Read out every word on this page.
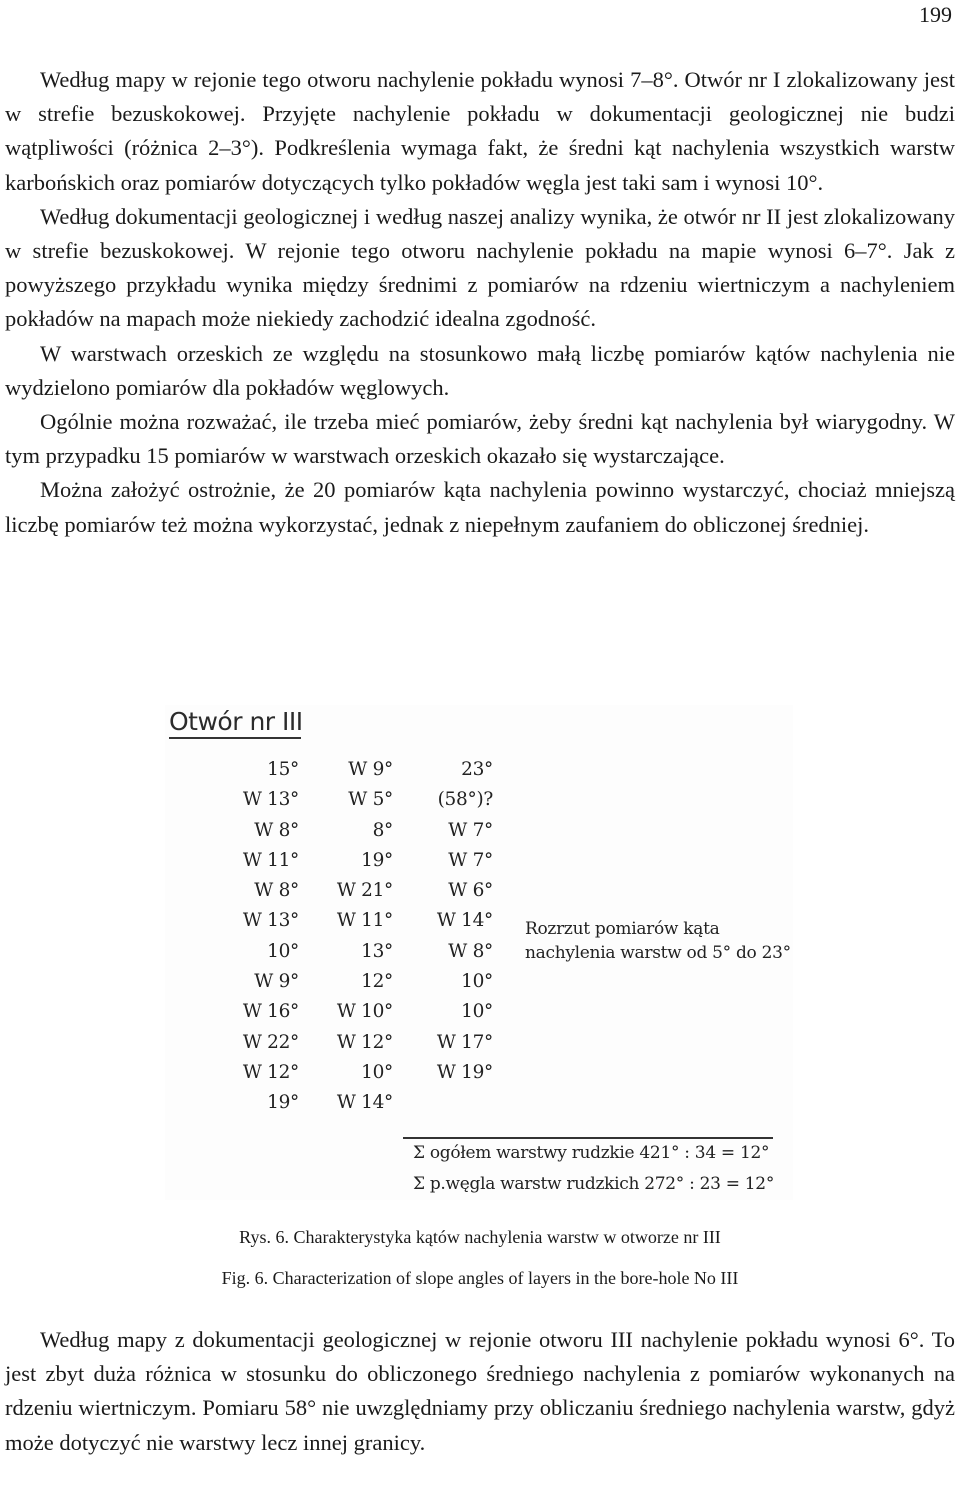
199

Według mapy w rejonie tego otworu nachylenie pokładu wynosi 7–8°. Otwór nr I zlokalizowany jest w strefie bezuskokowej. Przyjęte nachylenie pokładu w dokumentacji geologicznej nie budzi wątpliwości (różnica 2–3°). Podkreślenia wymaga fakt, że średni kąt nachylenia wszystkich warstw karbońskich oraz pomiarów dotyczących tylko pokładów węgla jest taki sam i wynosi 10°.

Według dokumentacji geologicznej i według naszej analizy wynika, że otwór nr II jest zlokalizowany w strefie bezuskokowej. W rejonie tego otworu nachylenie pokładu na mapie wynosi 6–7°. Jak z powyższego przykładu wynika między średnimi z pomiarów na rdzeniu wiertniczym a nachyleniem pokładów na mapach może niekiedy zachodzić idealna zgodność.

W warstwach orzeskich ze względu na stosunkowo małą liczbę pomiarów kątów nachylenia nie wydzielono pomiarów dla pokładów węglowych.

Ogólnie można rozważać, ile trzeba mieć pomiarów, żeby średni kąt nachylenia był wiarygodny. W tym przypadku 15 pomiarów w warstwach orzeskich okazało się wystarczające.

Można założyć ostrożnie, że 20 pomiarów kąta nachylenia powinno wystarczyć, chociaż mniejszą liczbę pomiarów też można wykorzystać, jednak z niepełnym zaufaniem do obliczonej średniej.

Otwór nr III
15°
W 13°
W 8°
W 11°
W 8°
W 13°
10°
W 9°
W 16°
W 22°
W 12°
19°
W 9°
W 5°
8°
19°
W 21°
W 11°
13°
12°
W 10°
W 12°
10°
W 14°
23°
(58°)?
W 7°
W 7°
W 6°
W 14°
W 8°
10°
10°
W 17°
W 19°
Rozrzut pomiarów kąta
nachylenia warstw od 5° do 23°
Σ ogółem warstwy rudzkie 421° : 34 = 12°
Σ p.węgla warstw rudzkich 272° : 23 = 12°
Rys. 6. Charakterystyka kątów nachylenia warstw w otworze nr III
Fig. 6. Characterization of slope angles of layers in the bore-hole No III

Według mapy z dokumentacji geologicznej w rejonie otworu III nachylenie pokładu wynosi 6°. To jest zbyt duża różnica w stosunku do obliczonego średniego nachylenia z pomiarów wykonanych na rdzeniu wiertniczym. Pomiaru 58° nie uwzględniamy przy obliczaniu średniego nachylenia warstw, gdyż może dotyczyć nie warstwy lecz innej granicy.
